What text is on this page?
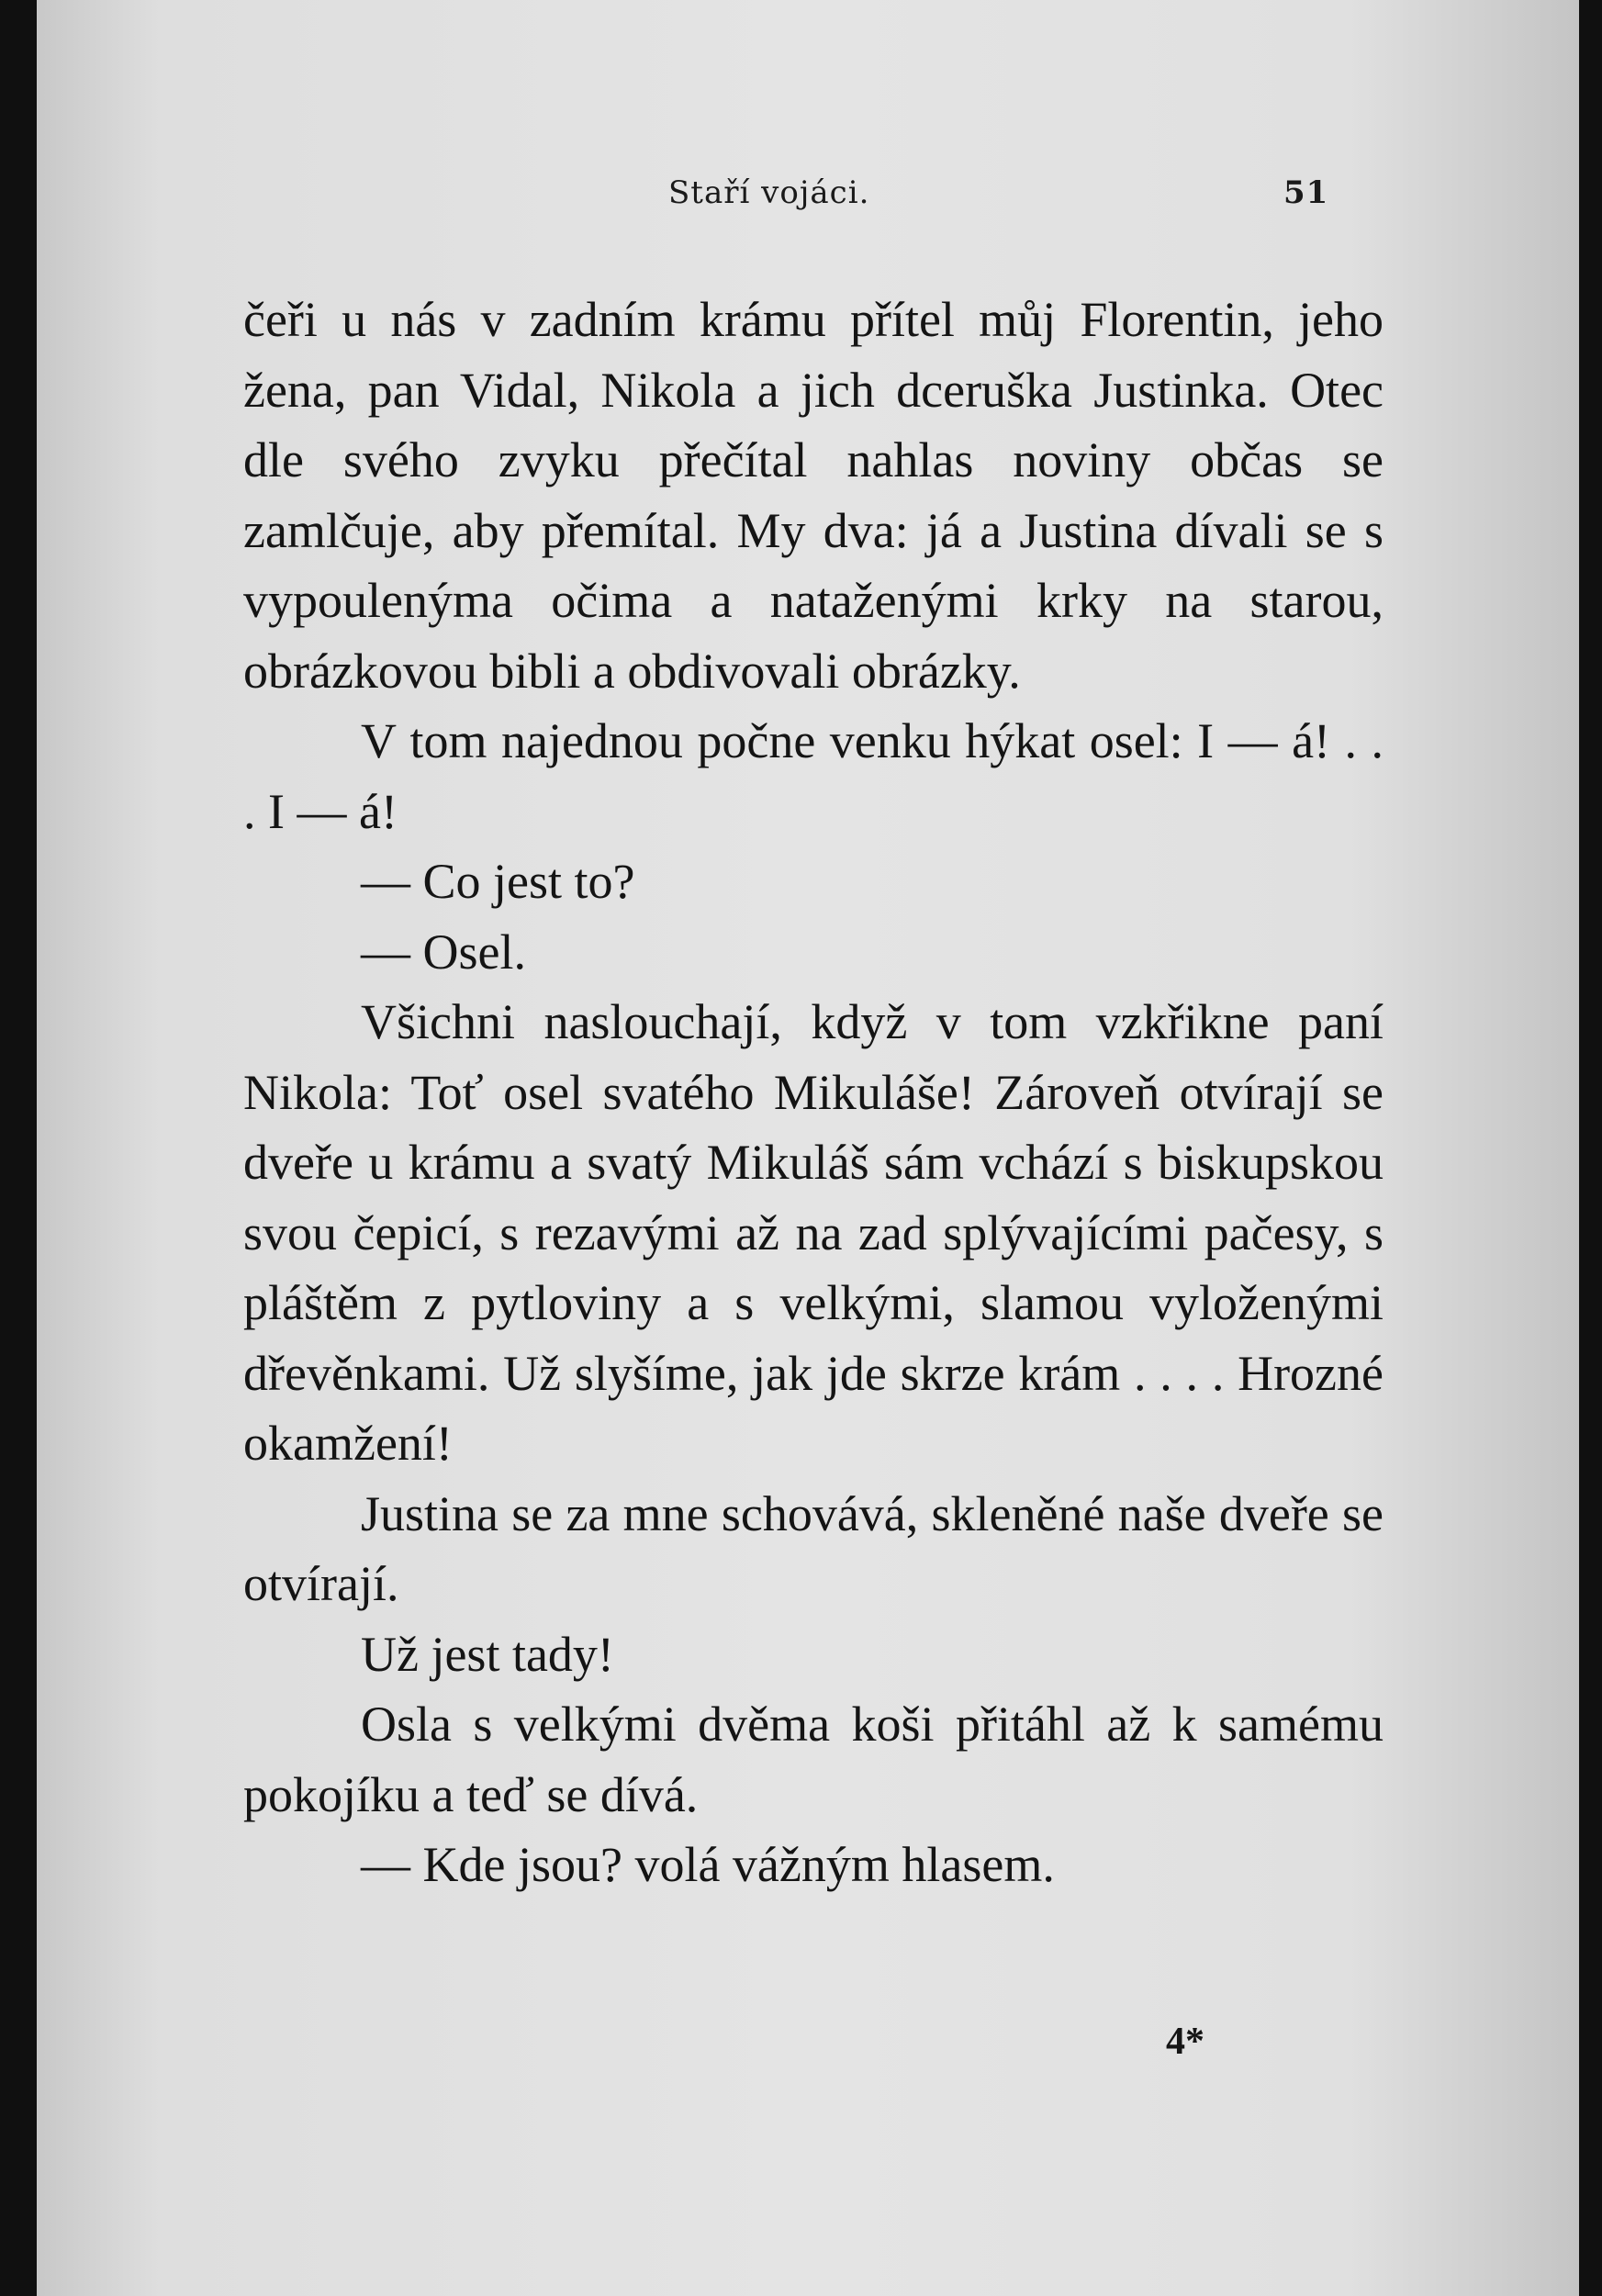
Staří vojáci.	51

čeři u nás v zadním krámu přítel můj Florentin, jeho žena, pan Vidal, Nikola a jich dceruška Justinka. Otec dle svého zvyku přečítal nahlas noviny občas se zamlčuje, aby přemítal. My dva: já a Justina dívali se s vypoulenýma očima a nataženými krky na starou, obrázkovou bibli a obdivovali obrázky.

V tom najednou počne venku hýkat osel: I — á! . . . I — á!

— Co jest to?

— Osel.

Všichni naslouchají, když v tom vzkřikne paní Nikola: Toť osel svatého Mikuláše! Zároveň otvírají se dveře u krámu a svatý Mikuláš sám vchází s biskupskou svou čepicí, s rezavými až na zad splývajícími pačesy, s pláštěm z pytloviny a s velkými, slamou vyloženými dřevěnkami. Už slyšíme, jak jde skrze krám . . . . Hrozné okamžení!

Justina se za mne schovává, skleněné naše dveře se otvírají.

Už jest tady!

Osla s velkými dvěma koši přitáhl až k samému pokojíku a teď se dívá.

— Kde jsou? volá vážným hlasem.

4*
